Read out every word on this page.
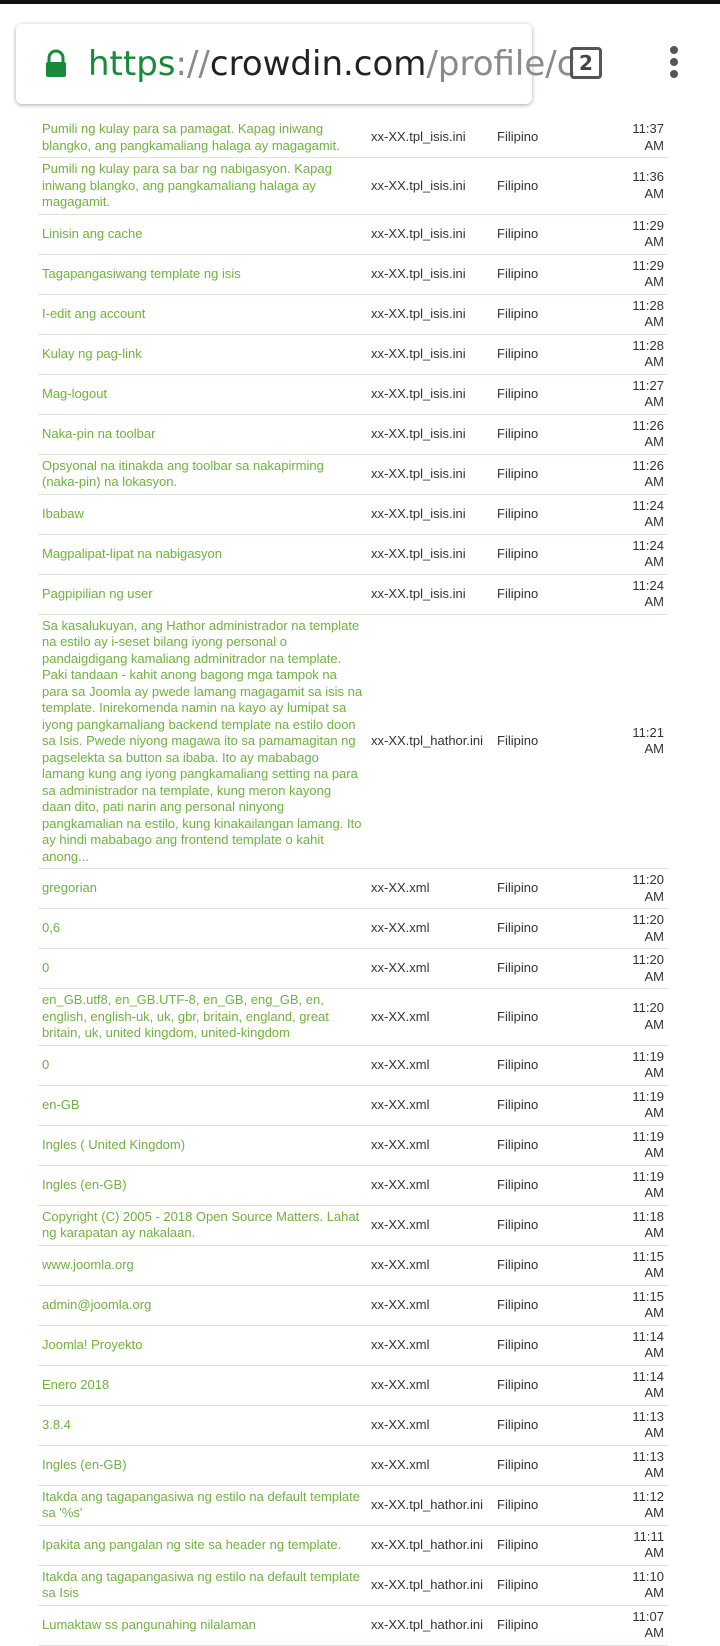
https://crowdin.com/profile/c 2
Pumili ng kulay para sa pamagat. Kapag iniwang blangko, ang pangkamaliang halaga ay magagamit.	xx-XX.tpl_isis.ini	Filipino	11:37 AM
Pumili ng kulay para sa bar ng nabigasyon. Kapag iniwang blangko, ang pangkamaliang halaga ay magagamit.	xx-XX.tpl_isis.ini	Filipino	11:36 AM
Linisin ang cache	xx-XX.tpl_isis.ini	Filipino	11:29 AM
Tagapangasiwang template ng isis	xx-XX.tpl_isis.ini	Filipino	11:29 AM
I-edit ang account	xx-XX.tpl_isis.ini	Filipino	11:28 AM
Kulay ng pag-link	xx-XX.tpl_isis.ini	Filipino	11:28 AM
Mag-logout	xx-XX.tpl_isis.ini	Filipino	11:27 AM
Naka-pin na toolbar	xx-XX.tpl_isis.ini	Filipino	11:26 AM
Opsyonal na itinakda ang toolbar sa nakapirming (naka-pin) na lokasyon.	xx-XX.tpl_isis.ini	Filipino	11:26 AM
Ibabaw	xx-XX.tpl_isis.ini	Filipino	11:24 AM
Magpalipat-lipat na nabigasyon	xx-XX.tpl_isis.ini	Filipino	11:24 AM
Pagpipilian ng user	xx-XX.tpl_isis.ini	Filipino	11:24 AM
Sa kasalukuyan, ang Hathor administrador na template na estilo ay i-seset bilang iyong personal o pandaigdigang kamaliang adminitrador na template. Paki tandaan - kahit anong bagong mga tampok na para sa Joomla ay pwede lamang magagamit sa isis na template. Inirekomenda namin na kayo ay lumipat sa iyong pangkamaliang backend template na estilo doon sa Isis. Pwede niyong magawa ito sa pamamagitan ng pagselekta sa button sa ibaba. Ito ay mababago lamang kung ang iyong pangkamaliang setting na para sa administrador na template, kung meron kayong daan dito, pati narin ang personal ninyong pangkamalian na estilo, kung kinakailangan lamang. Ito ay hindi mababago ang frontend template o kahit anong...	xx-XX.tpl_hathor.ini	Filipino	11:21 AM
gregorian	xx-XX.xml	Filipino	11:20 AM
0,6	xx-XX.xml	Filipino	11:20 AM
0	xx-XX.xml	Filipino	11:20 AM
en_GB.utf8, en_GB.UTF-8, en_GB, eng_GB, en, english, english-uk, uk, gbr, britain, england, great britain, uk, united kingdom, united-kingdom	xx-XX.xml	Filipino	11:20 AM
0	xx-XX.xml	Filipino	11:19 AM
en-GB	xx-XX.xml	Filipino	11:19 AM
Ingles ( United Kingdom)	xx-XX.xml	Filipino	11:19 AM
Ingles (en-GB)	xx-XX.xml	Filipino	11:19 AM
Copyright (C) 2005 - 2018 Open Source Matters. Lahat ng karapatan ay nakalaan.	xx-XX.xml	Filipino	11:18 AM
www.joomla.org	xx-XX.xml	Filipino	11:15 AM
admin@joomla.org	xx-XX.xml	Filipino	11:15 AM
Joomla! Proyekto	xx-XX.xml	Filipino	11:14 AM
Enero 2018	xx-XX.xml	Filipino	11:14 AM
3.8.4	xx-XX.xml	Filipino	11:13 AM
Ingles (en-GB)	xx-XX.xml	Filipino	11:13 AM
Itakda ang tagapangasiwa ng estilo na default template sa '%s'	xx-XX.tpl_hathor.ini	Filipino	11:12 AM
Ipakita ang pangalan ng site sa header ng template.	xx-XX.tpl_hathor.ini	Filipino	11:11 AM
Itakda ang tagapangasiwa ng estilo na default template sa Isis	xx-XX.tpl_hathor.ini	Filipino	11:10 AM
Lumaktaw ss pangunahing nilalaman	xx-XX.tpl_hathor.ini	Filipino	11:07 AM
